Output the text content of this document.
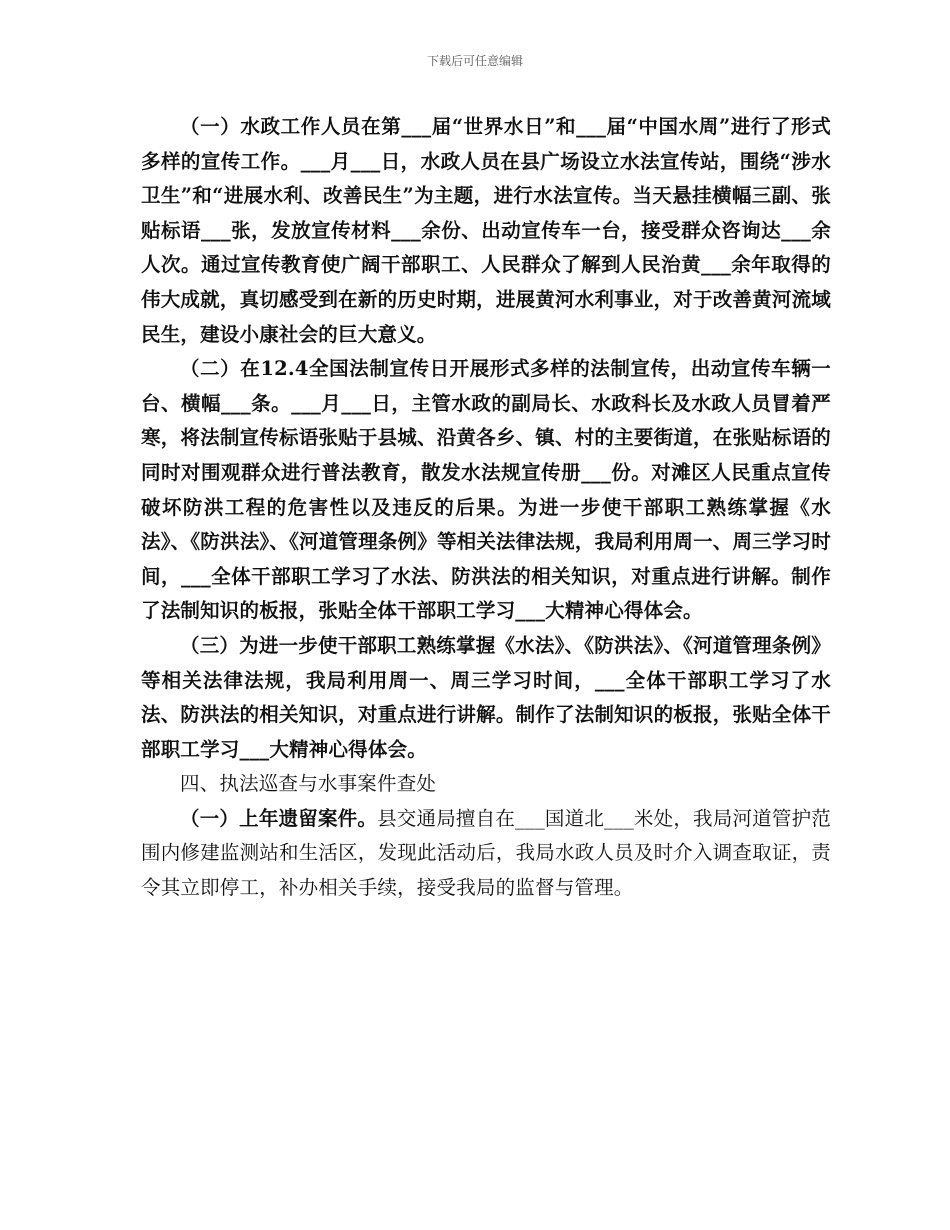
下载后可任意编辑

（一）水政工作人员在第___届“世界水日”和___届“中国水周”进行了形式多样的宣传工作。___月___日，水政人员在县广场设立水法宣传站，围绕“涉水卫生”和“进展水利、改善民生”为主题，进行水法宣传。当天悬挂横幅三副、张贴标语___张，发放宣传材料___余份、出动宣传车一台，接受群众咨询达___余人次。通过宣传教育使广阔干部职工、人民群众了解到人民治黄___余年取得的伟大成就，真切感受到在新的历史时期，进展黄河水利事业，对于改善黄河流域民生，建设小康社会的巨大意义。

（二）在12.4全国法制宣传日开展形式多样的法制宣传，出动宣传车辆一台、横幅___条。___月___日，主管水政的副局长、水政科长及水政人员冒着严寒，将法制宣传标语张贴于县城、沿黄各乡、镇、村的主要街道，在张贴标语的同时对围观群众进行普法教育，散发水法规宣传册___份。对滩区人民重点宣传破坏防洪工程的危害性以及违反的后果。为进一步使干部职工熟练掌握《水法》、《防洪法》、《河道管理条例》等相关法律法规，我局利用周一、周三学习时间，___全体干部职工学习了水法、防洪法的相关知识，对重点进行讲解。制作了法制知识的板报，张贴全体干部职工学习___大精神心得体会。

（三）为进一步使干部职工熟练掌握《水法》、《防洪法》、《河道管理条例》等相关法律法规，我局利用周一、周三学习时间，___全体干部职工学习了水法、防洪法的相关知识，对重点进行讲解。制作了法制知识的板报，张贴全体干部职工学习___大精神心得体会。

四、执法巡查与水事案件查处

（一）上年遗留案件。县交通局擅自在___国道北___米处，我局河道管护范围内修建监测站和生活区，发现此活动后，我局水政人员及时介入调查取证，责令其立即停工，补办相关手续，接受我局的监督与管理。
